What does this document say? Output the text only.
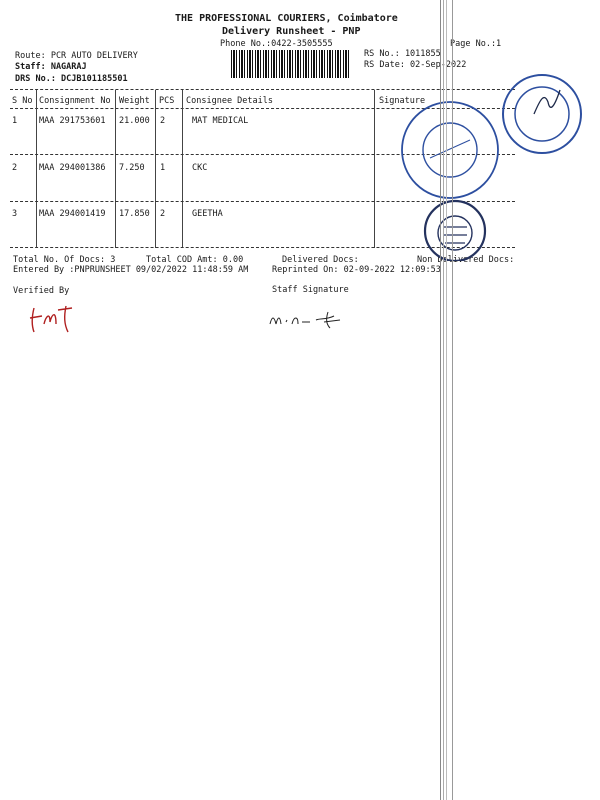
THE PROFESSIONAL COURIERS, Coimbatore
Delivery Runsheet - PNP
Phone No.:0422-3505555	Page No.:1
Route: PCR AUTO DELIVERY
Staff: NAGARAJ
DRS No.: DCJB101185501
RS No.: 1011855
RS Date: 02-Sep-2022
S No Consignment No Weight PCS Consignee Details	Signature
1	MAA 291753601 21.000 2	MAT MEDICAL
2	MAA 294001386 7.250 1	CKC
3	MAA 294001419 17.850 2	GEETHA
Total No. Of Docs: 3	Total COD Amt: 0.00	Delivered Docs:	Non Delivered Docs:
Entered By :PNPRUNSHEET 09/02/2022 11:48:59 AM	Reprinted On: 02-09-2022 12:09:53
Verified By	Staff Signature
